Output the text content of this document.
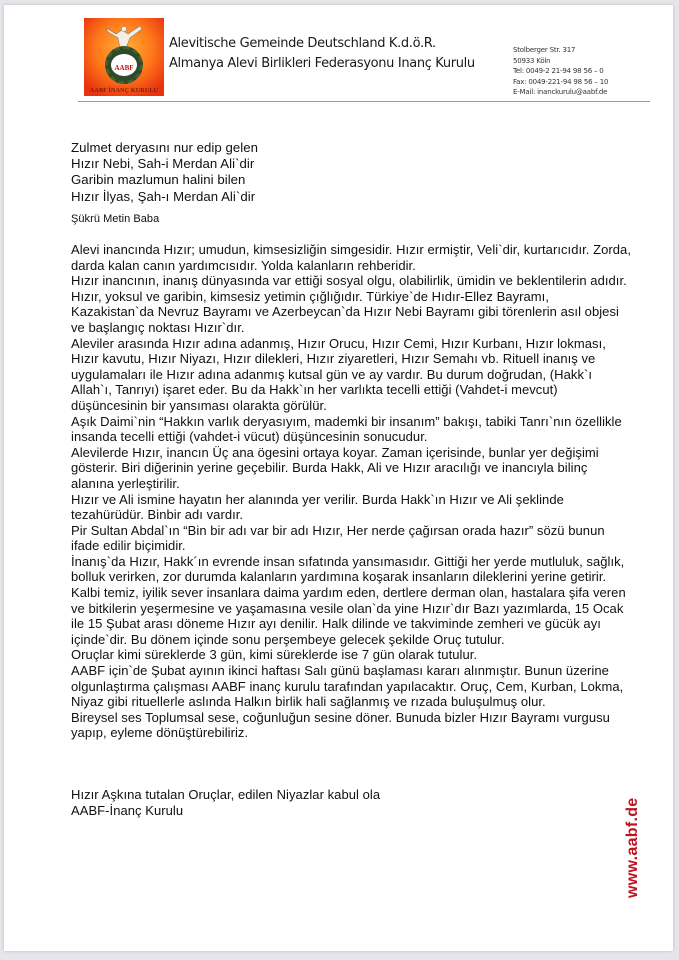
AABF
AABF İNANÇ KURULU
Alevitische Gemeinde Deutschland K.d.ö.R.
Almanya Alevi Birlikleri Federasyonu Inanç Kurulu
Stolberger Str. 317
50933 Köln
Tel: 0049-2 21-94 98 56 – 0
Fax: 0049-221-94 98 56 – 10
E-Mail: inanckurulu@aabf.de
Zulmet deryasını nur edip gelen
Hızır Nebi, Sah-i Merdan Ali`dir
Garibin mazlumun halini bilen
Hızır İlyas, Şah-ı Merdan Ali`dir
Şükrü Metin Baba

Alevi inancında Hızır; umudun, kimsesizliğin simgesidir. Hızır ermiştir, Veli`dir, kurtarıcıdır. Zorda, darda kalan canın yardımcısıdır. Yolda kalanların rehberidir.

Hızır inancının, inanış dünyasında var ettiği sosyal olgu, olabilirlik, ümidin ve beklentilerin adıdır. Hızır, yoksul ve garibin, kimsesiz yetimin çığlığıdır. Türkiye`de Hıdır-Ellez Bayramı, Kazakistan`da Nevruz Bayramı ve Azerbeycan`da Hızır Nebi Bayramı gibi törenlerin asıl objesi ve başlangıç noktası Hızır`dır.

Aleviler arasında Hızır adına adanmış, Hızır Orucu, Hızır Cemi, Hızır Kurbanı, Hızır lokması, Hızır kavutu, Hızır Niyazı, Hızır dilekleri, Hızır ziyaretleri, Hızır Semahı vb. Rituell inanış ve uygulamaları ile Hızır adına adanmış kutsal gün ve ay vardır. Bu durum doğrudan, (Hakk`ı Allah`ı, Tanrıyı) işaret eder. Bu da Hakk`ın her varlıkta tecelli ettiği (Vahdet-i mevcut) düşüncesinin bir yansıması olarakta görülür.

Aşık Daimi`nin “Hakkın varlık deryasıyım, mademki bir insanım” bakışı, tabiki Tanrı`nın özellikle insanda tecelli ettiği (vahdet-i vücut) düşüncesinin sonucudur.

Alevilerde Hızır, inancın Üç ana ögesini ortaya koyar. Zaman içerisinde, bunlar yer değişimi gösterir. Biri diğerinin yerine geçebilir. Burda Hakk, Ali ve Hızır aracılığı ve inancıyla bilinç alanına yerleştirilir.

Hızır ve Ali ismine hayatın her alanında yer verilir. Burda Hakk`ın Hızır ve Ali şeklinde tezahürüdür. Binbir adı vardır.

Pir Sultan Abdal`ın “Bin bir adı var bir adı Hızır, Her nerde çağırsan orada hazır” sözü bunun ifade edilir biçimidir.

İnanış`da Hızır, Hakk´ın evrende insan sıfatında yansımasıdır. Gittiği her yerde mutluluk, sağlık, bolluk verirken, zor durumda kalanların yardımına koşarak insanların dileklerini yerine getirir. Kalbi temiz, iyilik sever insanlara daima yardım eden, dertlere derman olan, hastalara şifa veren ve bitkilerin yeşermesine ve yaşamasına vesile olan`da yine Hızır`dır Bazı yazımlarda, 15 Ocak ile 15 Şubat arası döneme Hızır ayı denilir. Halk dilinde ve takviminde zemheri ve gücük ayı içinde`dir. Bu dönem içinde sonu perşembeye gelecek şekilde Oruç tutulur.

Oruçlar kimi süreklerde 3 gün, kimi süreklerde ise 7 gün olarak tutulur.

AABF için`de Şubat ayının ikinci haftası Salı günü başlaması kararı alınmıştır. Bunun üzerine olgunlaştırma çalışması AABF inanç kurulu tarafından yapılacaktır. Oruç, Cem, Kurban, Lokma, Niyaz gibi rituellerle aslında Halkın birlik hali sağlanmış ve rızada buluşulmuş olur.

Bireysel ses Toplumsal sese, coğunluğun sesine döner. Bunuda bizler Hızır Bayramı vurgusu yapıp, eyleme dönüştürebiliriz.

Hızır Aşkına tutalan Oruçlar, edilen Niyazlar kabul ola
AABF-İnanç Kurulu	www.aabf.de
